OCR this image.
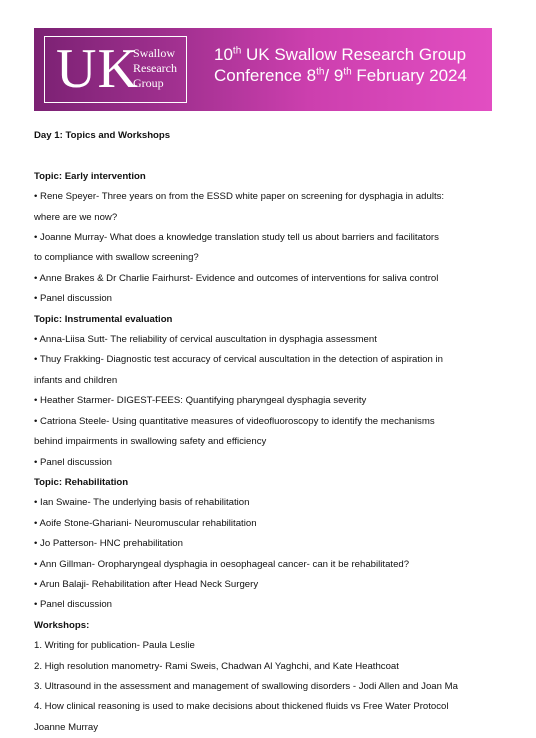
UK
Swallow
Research
Group
10th UK Swallow Research Group
Conference 8th/ 9th February 2024

Day 1: Topics and Workshops

Topic: Early intervention

• Rene Speyer- Three years on from the ESSD white paper on screening for dysphagia in adults:

where are we now?

• Joanne Murray- What does a knowledge translation study tell us about barriers and facilitators

to compliance with swallow screening?

• Anne Brakes & Dr Charlie Fairhurst- Evidence and outcomes of interventions for saliva control

• Panel discussion

Topic: Instrumental evaluation

• Anna-Liisa Sutt- The reliability of cervical auscultation in dysphagia assessment

• Thuy Frakking- Diagnostic test accuracy of cervical auscultation in the detection of aspiration in

infants and children

• Heather Starmer- DIGEST-FEES: Quantifying pharyngeal dysphagia severity

• Catriona Steele- Using quantitative measures of videofluoroscopy to identify the mechanisms

behind impairments in swallowing safety and efficiency

• Panel discussion

Topic: Rehabilitation

• Ian Swaine- The underlying basis of rehabilitation

• Aoife Stone-Ghariani- Neuromuscular rehabilitation

• Jo Patterson- HNC prehabilitation

• Ann Gillman- Oropharyngeal dysphagia in oesophageal cancer- can it be rehabilitated?

• Arun Balaji- Rehabilitation after Head Neck Surgery

• Panel discussion

Workshops:

1. Writing for publication- Paula Leslie

2. High resolution manometry- Rami Sweis, Chadwan Al Yaghchi, and Kate Heathcoat

3. Ultrasound in the assessment and management of swallowing disorders - Jodi Allen and Joan Ma

4. How clinical reasoning is used to make decisions about thickened fluids vs Free Water Protocol

Joanne Murray
